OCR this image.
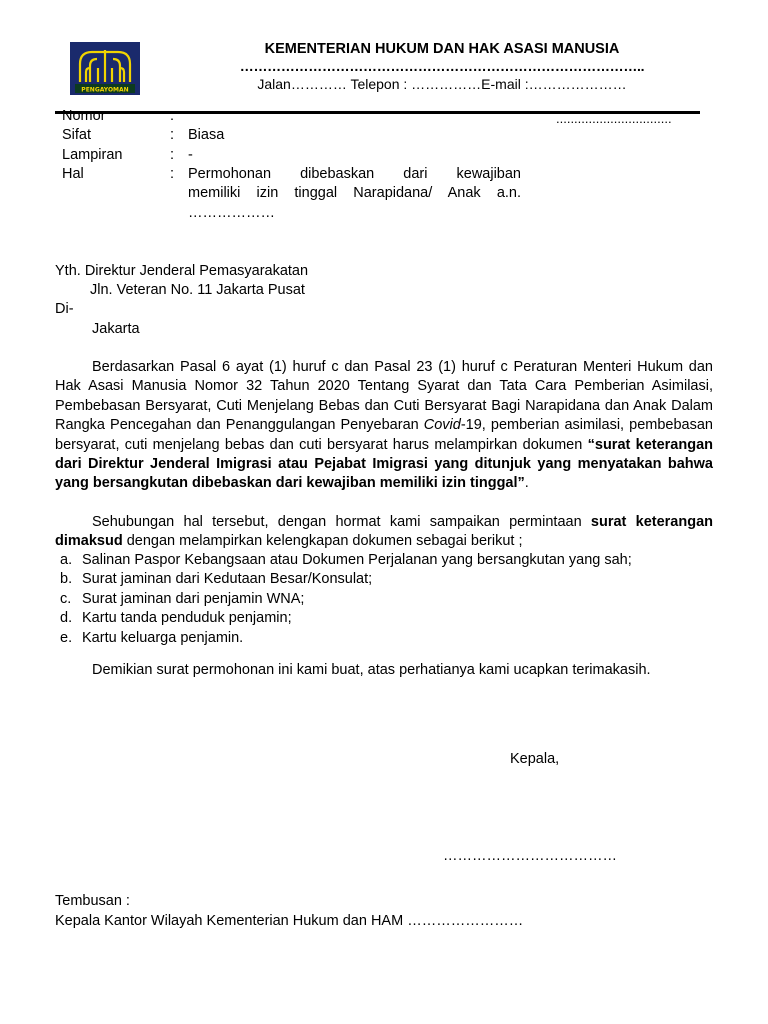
PENGAYOMAN
KEMENTERIAN HUKUM DAN HAK ASASI MANUSIA
……………………………………………………………………………..
Jalan………… Telepon : ……………E-mail :…………………
................................
Nomor	:
Sifat	: Biasa
Lampiran	: -
Hal	: Permohonan dibebaskan dari kewajiban
memiliki izin tinggal Narapidana/ Anak a.n.
………………
Yth. Direktur Jenderal Pemasyarakatan
Jln. Veteran No. 11 Jakarta Pusat
Di-
Jakarta
Berdasarkan Pasal 6 ayat (1) huruf c dan Pasal 23 (1) huruf c Peraturan Menteri Hukum dan Hak Asasi Manusia Nomor 32 Tahun 2020 Tentang Syarat dan Tata Cara Pemberian Asimilasi, Pembebasan Bersyarat, Cuti Menjelang Bebas dan Cuti Bersyarat Bagi Narapidana dan Anak Dalam Rangka Pencegahan dan Penanggulangan Penyebaran Covid-19, pemberian asimilasi, pembebasan bersyarat, cuti menjelang bebas dan cuti bersyarat harus melampirkan dokumen “surat keterangan dari Direktur Jenderal Imigrasi atau Pejabat Imigrasi yang ditunjuk yang menyatakan bahwa yang bersangkutan dibebaskan dari kewajiban memiliki izin tinggal”.
Sehubungan hal tersebut, dengan hormat kami sampaikan permintaan surat keterangan dimaksud dengan melampirkan kelengkapan dokumen sebagai berikut ;
a. Salinan Paspor Kebangsaan atau Dokumen Perjalanan yang bersangkutan yang sah;
b. Surat jaminan dari Kedutaan Besar/Konsulat;
c. Surat jaminan dari penjamin WNA;
d. Kartu tanda penduduk penjamin;
e. Kartu keluarga penjamin.
Demikian surat permohonan ini kami buat, atas perhatianya kami ucapkan terimakasih.
Kepala,
………………………………
Tembusan :
Kepala Kantor Wilayah Kementerian Hukum dan HAM ……………………
